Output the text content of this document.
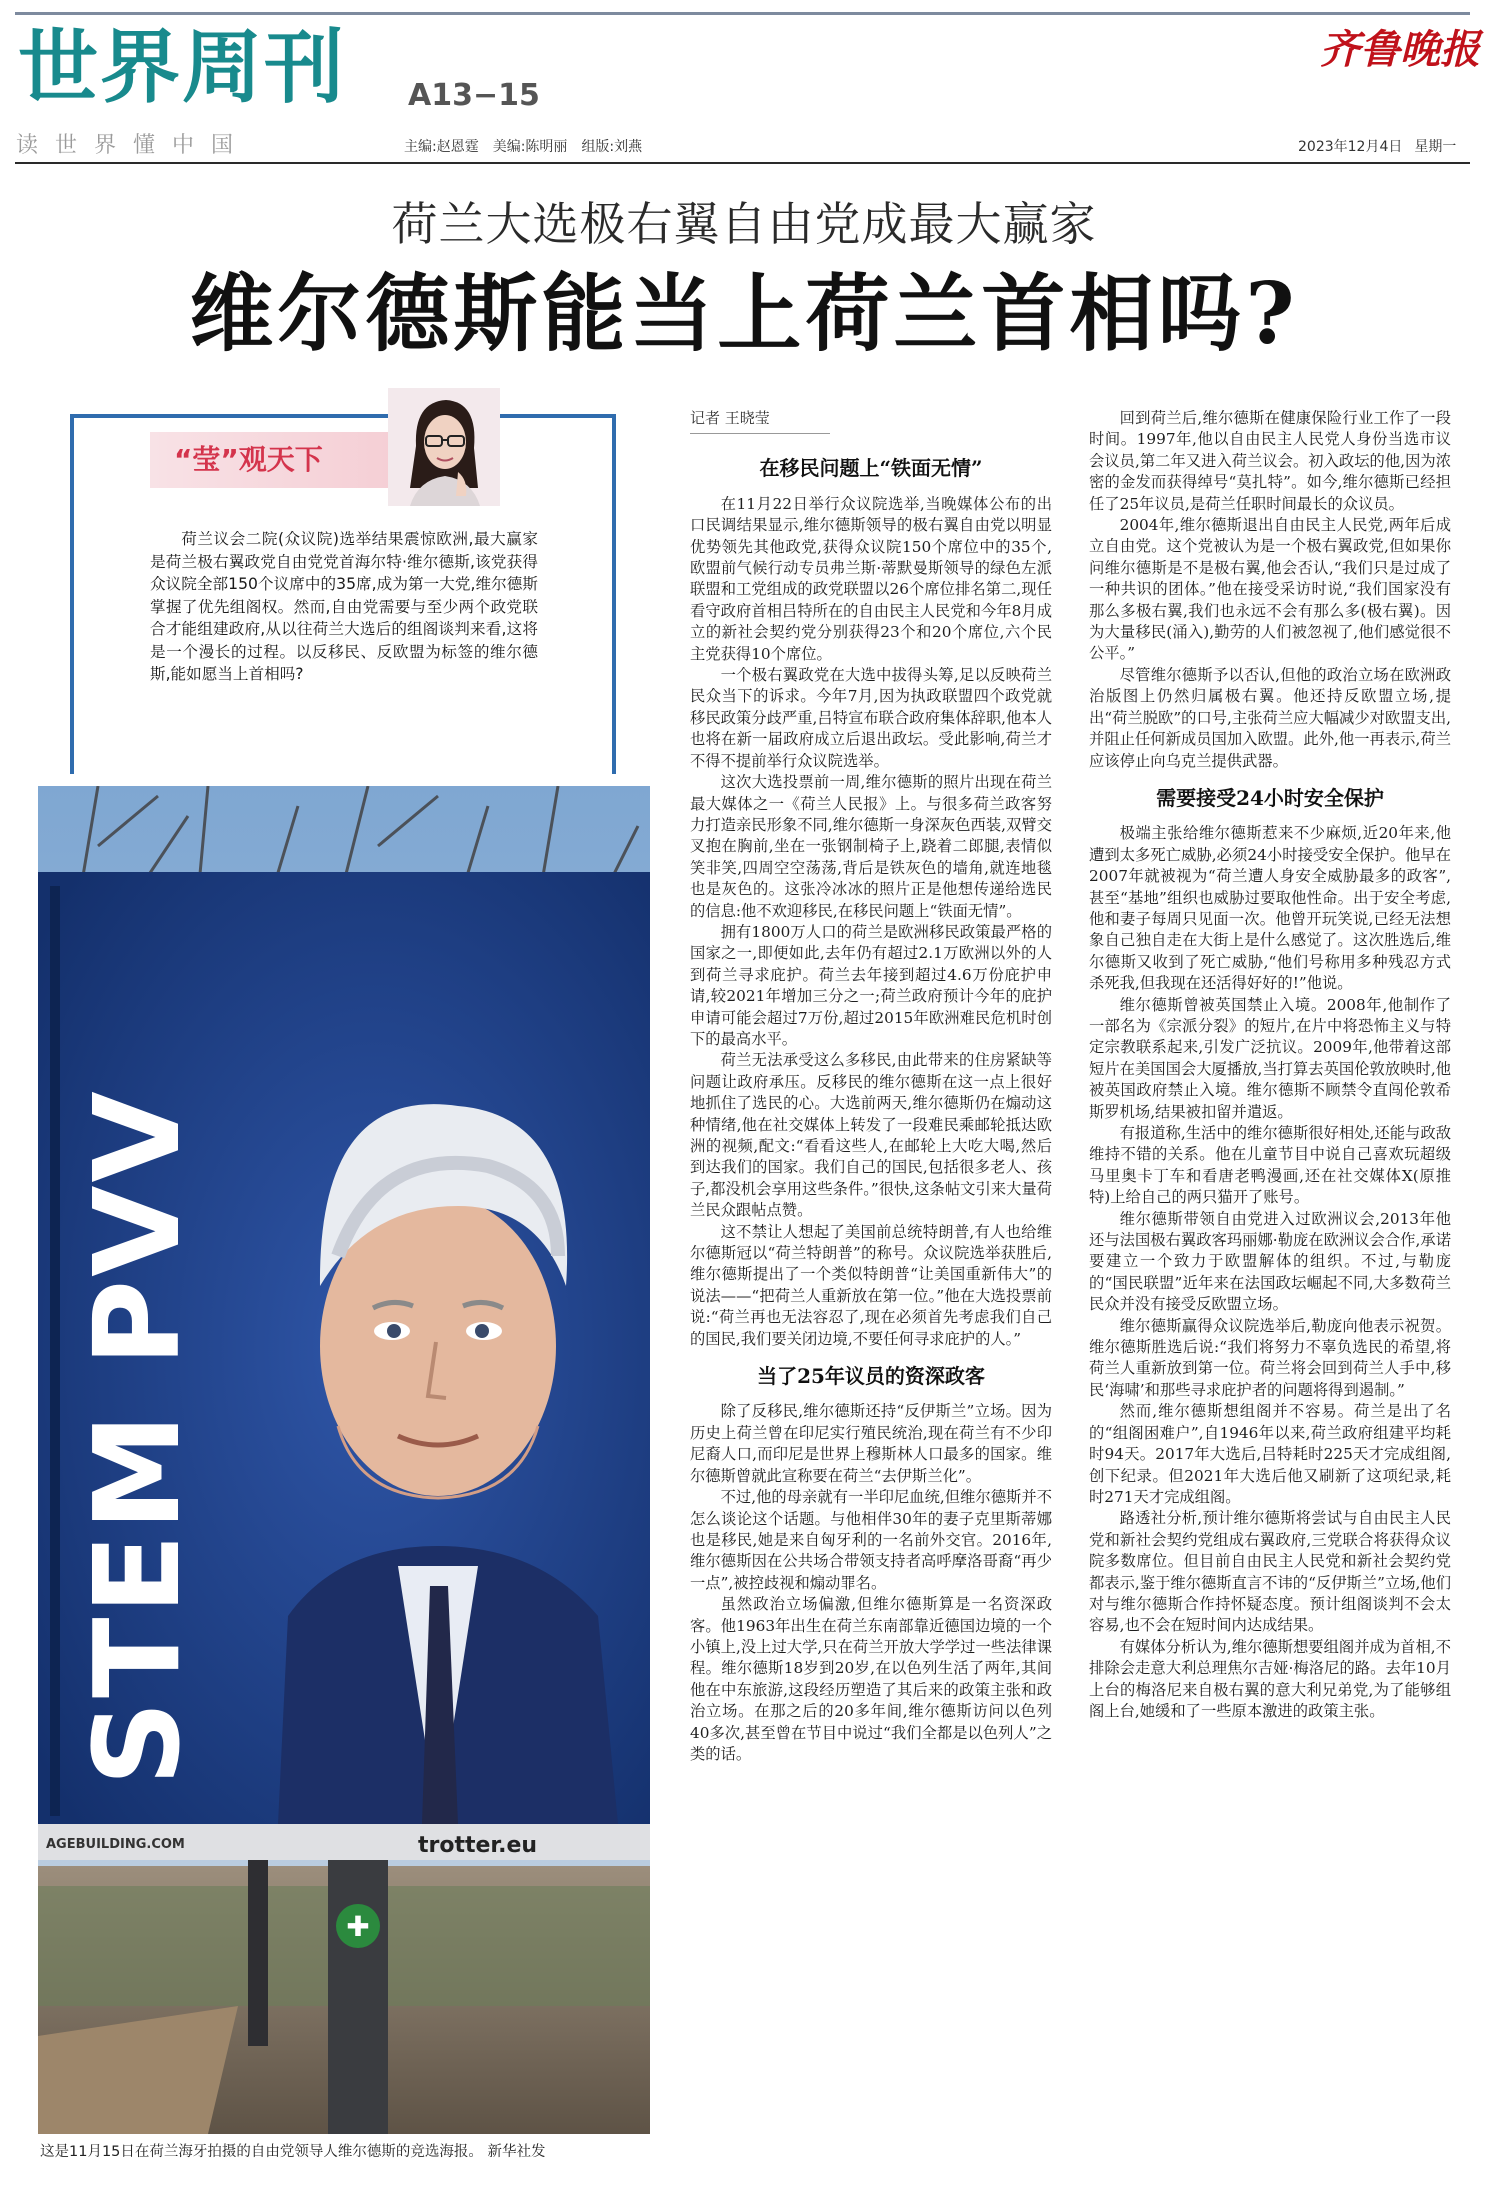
世界周刊 A13−15
齐鲁晚报
读世界懂中国	主编:赵恩霆 美编:陈明丽 组版:刘燕	2023年12月4日 星期一
荷兰大选极右翼自由党成最大赢家
维尔德斯能当上荷兰首相吗?
“莹”观天下
荷兰议会二院(众议院)选举结果震惊欧洲,最大赢家是荷兰极右翼政党自由党党首海尔特·维尔德斯,该党获得众议院全部150个议席中的35席,成为第一大党,维尔德斯掌握了优先组阁权。然而,自由党需要与至少两个政党联合才能组建政府,从以往荷兰大选后的组阁谈判来看,这将是一个漫长的过程。以反移民、反欧盟为标签的维尔德斯,能如愿当上首相吗?
✚
AGEBUILDING.COM	trotter.eu
STEM PVV
这是11月15日在荷兰海牙拍摄的自由党领导人维尔德斯的竞选海报。 新华社发
记者 王晓莹
在移民问题上“铁面无情”

在11月22日举行众议院选举,当晚媒体公布的出口民调结果显示,维尔德斯领导的极右翼自由党以明显优势领先其他政党,获得众议院150个席位中的35个,欧盟前气候行动专员弗兰斯·蒂默曼斯领导的绿色左派联盟和工党组成的政党联盟以26个席位排名第二,现任看守政府首相吕特所在的自由民主人民党和今年8月成立的新社会契约党分别获得23个和20个席位,六个民主党获得10个席位。

一个极右翼政党在大选中拔得头筹,足以反映荷兰民众当下的诉求。今年7月,因为执政联盟四个政党就移民政策分歧严重,吕特宣布联合政府集体辞职,他本人也将在新一届政府成立后退出政坛。受此影响,荷兰才不得不提前举行众议院选举。

这次大选投票前一周,维尔德斯的照片出现在荷兰最大媒体之一《荷兰人民报》上。与很多荷兰政客努力打造亲民形象不同,维尔德斯一身深灰色西装,双臂交叉抱在胸前,坐在一张钢制椅子上,跷着二郎腿,表情似笑非笑,四周空空荡荡,背后是铁灰色的墙角,就连地毯也是灰色的。这张冷冰冰的照片正是他想传递给选民的信息:他不欢迎移民,在移民问题上“铁面无情”。

拥有1800万人口的荷兰是欧洲移民政策最严格的国家之一,即便如此,去年仍有超过2.1万欧洲以外的人到荷兰寻求庇护。荷兰去年接到超过4.6万份庇护申请,较2021年增加三分之一;荷兰政府预计今年的庇护申请可能会超过7万份,超过2015年欧洲难民危机时创下的最高水平。

荷兰无法承受这么多移民,由此带来的住房紧缺等问题让政府承压。反移民的维尔德斯在这一点上很好地抓住了选民的心。大选前两天,维尔德斯仍在煽动这种情绪,他在社交媒体上转发了一段难民乘邮轮抵达欧洲的视频,配文:“看看这些人,在邮轮上大吃大喝,然后到达我们的国家。我们自己的国民,包括很多老人、孩子,都没机会享用这些条件。”很快,这条帖文引来大量荷兰民众跟帖点赞。

这不禁让人想起了美国前总统特朗普,有人也给维尔德斯冠以“荷兰特朗普”的称号。众议院选举获胜后,维尔德斯提出了一个类似特朗普“让美国重新伟大”的说法——“把荷兰人重新放在第一位。”他在大选投票前说:“荷兰再也无法容忍了,现在必须首先考虑我们自己的国民,我们要关闭边境,不要任何寻求庇护的人。”

当了25年议员的资深政客

除了反移民,维尔德斯还持“反伊斯兰”立场。因为历史上荷兰曾在印尼实行殖民统治,现在荷兰有不少印尼裔人口,而印尼是世界上穆斯林人口最多的国家。维尔德斯曾就此宣称要在荷兰“去伊斯兰化”。

不过,他的母亲就有一半印尼血统,但维尔德斯并不怎么谈论这个话题。与他相伴30年的妻子克里斯蒂娜也是移民,她是来自匈牙利的一名前外交官。2016年,维尔德斯因在公共场合带领支持者高呼摩洛哥裔“再少一点”,被控歧视和煽动罪名。

虽然政治立场偏激,但维尔德斯算是一名资深政客。他1963年出生在荷兰东南部靠近德国边境的一个小镇上,没上过大学,只在荷兰开放大学学过一些法律课程。维尔德斯18岁到20岁,在以色列生活了两年,其间他在中东旅游,这段经历塑造了其后来的政策主张和政治立场。在那之后的20多年间,维尔德斯访问以色列40多次,甚至曾在节目中说过“我们全都是以色列人”之类的话。

回到荷兰后,维尔德斯在健康保险行业工作了一段时间。1997年,他以自由民主人民党人身份当选市议会议员,第二年又进入荷兰议会。初入政坛的他,因为浓密的金发而获得绰号“莫扎特”。如今,维尔德斯已经担任了25年议员,是荷兰任职时间最长的众议员。

2004年,维尔德斯退出自由民主人民党,两年后成立自由党。这个党被认为是一个极右翼政党,但如果你问维尔德斯是不是极右翼,他会否认,“我们只是过成了一种共识的团体。”他在接受采访时说,“我们国家没有那么多极右翼,我们也永远不会有那么多(极右翼)。因为大量移民(涌入),勤劳的人们被忽视了,他们感觉很不公平。”

尽管维尔德斯予以否认,但他的政治立场在欧洲政治版图上仍然归属极右翼。他还持反欧盟立场,提出“荷兰脱欧”的口号,主张荷兰应大幅减少对欧盟支出,并阻止任何新成员国加入欧盟。此外,他一再表示,荷兰应该停止向乌克兰提供武器。

需要接受24小时安全保护

极端主张给维尔德斯惹来不少麻烦,近20年来,他遭到太多死亡威胁,必须24小时接受安全保护。他早在2007年就被视为“荷兰遭人身安全威胁最多的政客”,甚至“基地”组织也威胁过要取他性命。出于安全考虑,他和妻子每周只见面一次。他曾开玩笑说,已经无法想象自己独自走在大街上是什么感觉了。这次胜选后,维尔德斯又收到了死亡威胁,“他们号称用多种残忍方式杀死我,但我现在还活得好好的!”他说。

维尔德斯曾被英国禁止入境。2008年,他制作了一部名为《宗派分裂》的短片,在片中将恐怖主义与特定宗教联系起来,引发广泛抗议。2009年,他带着这部短片在美国国会大厦播放,当打算去英国伦敦放映时,他被英国政府禁止入境。维尔德斯不顾禁令直闯伦敦希斯罗机场,结果被扣留并遣返。

有报道称,生活中的维尔德斯很好相处,还能与政敌维持不错的关系。他在儿童节目中说自己喜欢玩超级马里奥卡丁车和看唐老鸭漫画,还在社交媒体X(原推特)上给自己的两只猫开了账号。

维尔德斯带领自由党进入过欧洲议会,2013年他还与法国极右翼政客玛丽娜·勒庞在欧洲议会合作,承诺要建立一个致力于欧盟解体的组织。不过,与勒庞的“国民联盟”近年来在法国政坛崛起不同,大多数荷兰民众并没有接受反欧盟立场。

维尔德斯赢得众议院选举后,勒庞向他表示祝贺。维尔德斯胜选后说:“我们将努力不辜负选民的希望,将荷兰人重新放到第一位。荷兰将会回到荷兰人手中,移民‘海啸’和那些寻求庇护者的问题将得到遏制。”

然而,维尔德斯想组阁并不容易。荷兰是出了名的“组阁困难户”,自1946年以来,荷兰政府组建平均耗时94天。2017年大选后,吕特耗时225天才完成组阁,创下纪录。但2021年大选后他又刷新了这项纪录,耗时271天才完成组阁。

路透社分析,预计维尔德斯将尝试与自由民主人民党和新社会契约党组成右翼政府,三党联合将获得众议院多数席位。但目前自由民主人民党和新社会契约党都表示,鉴于维尔德斯直言不讳的“反伊斯兰”立场,他们对与维尔德斯合作持怀疑态度。预计组阁谈判不会太容易,也不会在短时间内达成结果。

有媒体分析认为,维尔德斯想要组阁并成为首相,不排除会走意大利总理焦尔吉娅·梅洛尼的路。去年10月上台的梅洛尼来自极右翼的意大利兄弟党,为了能够组阁上台,她缓和了一些原本激进的政策主张。
